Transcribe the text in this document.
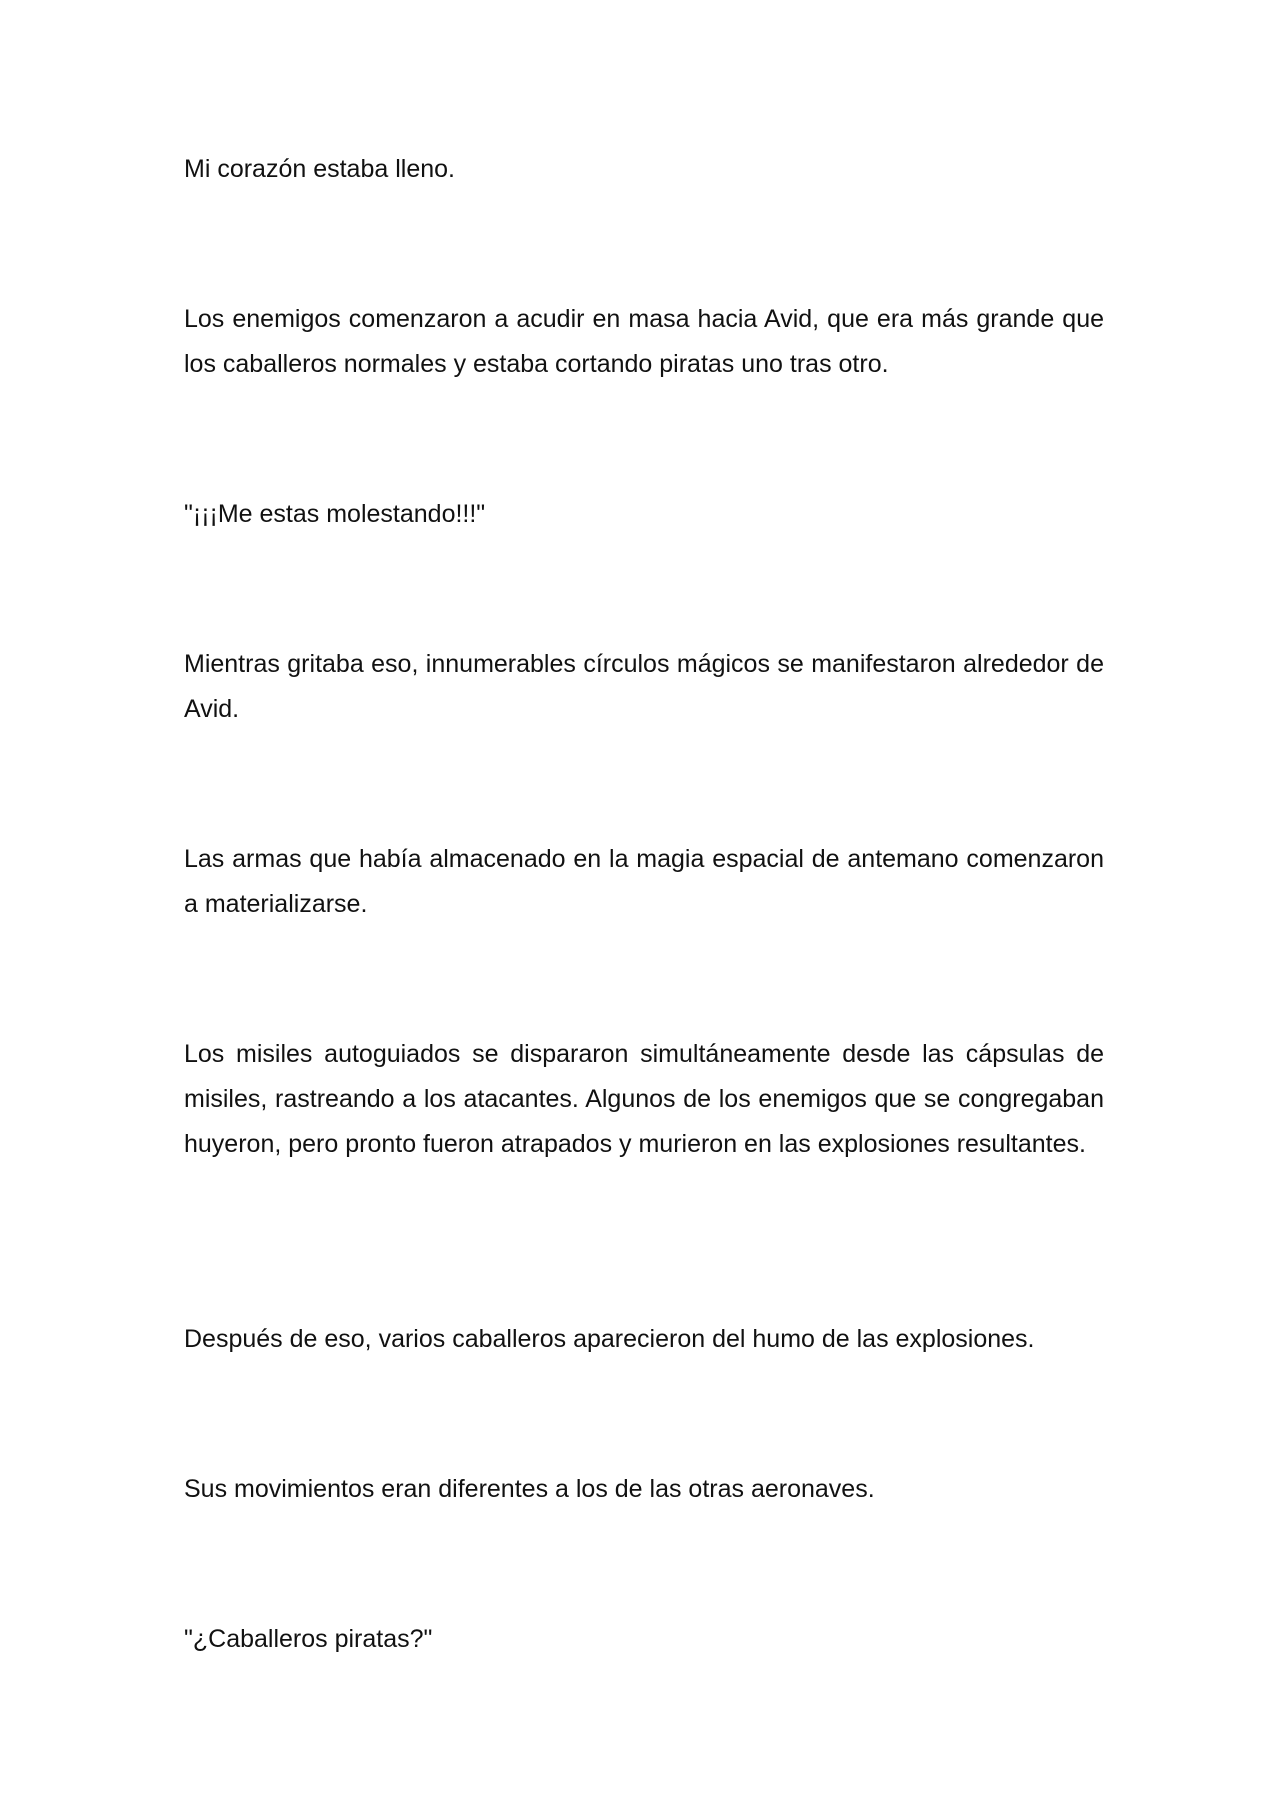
Mi corazón estaba lleno.

Los enemigos comenzaron a acudir en masa hacia Avid, que era más grande que los caballeros normales y estaba cortando piratas uno tras otro.

"¡¡¡Me estas molestando!!!"

Mientras gritaba eso, innumerables círculos mágicos se manifestaron alrededor de Avid.

Las armas que había almacenado en la magia espacial de antemano comenzaron a materializarse.

Los misiles autoguiados se dispararon simultáneamente desde las cápsulas de misiles, rastreando a los atacantes. Algunos de los enemigos que se congregaban huyeron, pero pronto fueron atrapados y murieron en las explosiones resultantes.

Después de eso, varios caballeros aparecieron del humo de las explosiones.

Sus movimientos eran diferentes a los de las otras aeronaves.

"¿Caballeros piratas?"
